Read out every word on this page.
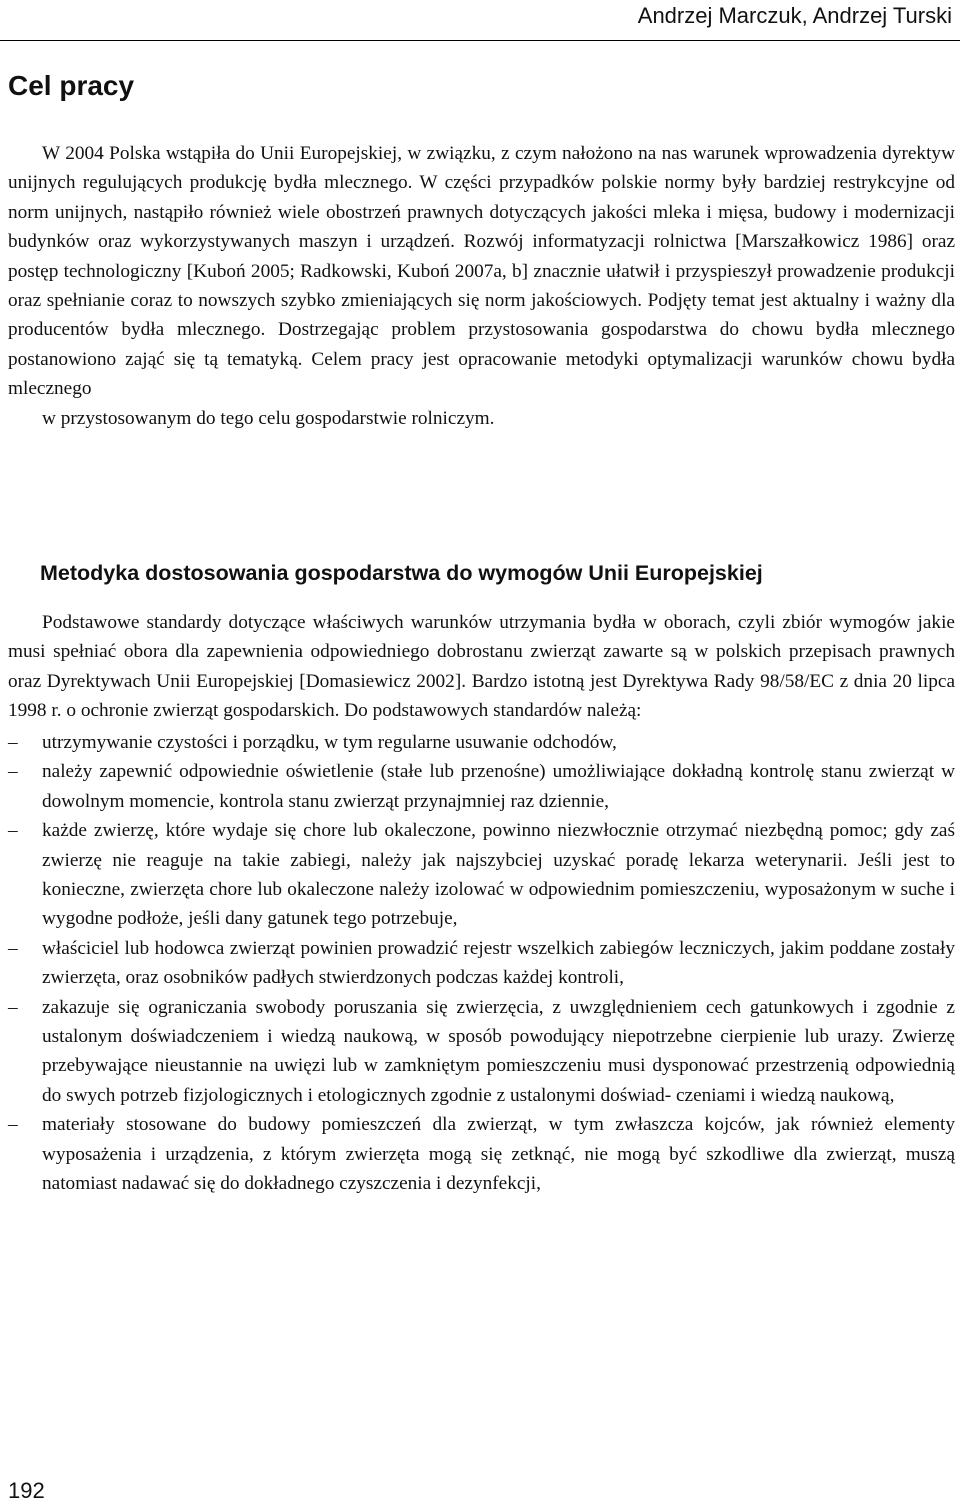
Andrzej Marczuk, Andrzej Turski
Cel pracy

W 2004 Polska wstąpiła do Unii Europejskiej, w związku, z czym nałożono na nas warunek wprowadzenia dyrektyw unijnych regulujących produkcję bydła mlecznego. W części przypadków polskie normy były bardziej restrykcyjne od norm unijnych, nastąpiło również wiele obostrzeń prawnych dotyczących jakości mleka i mięsa, budowy i modernizacji budynków oraz wykorzystywanych maszyn i urządzeń. Rozwój informatyzacji rolnictwa [Marszałkowicz 1986] oraz postęp technologiczny [Kuboń 2005; Radkowski, Kuboń 2007a, b] znacznie ułatwił i przyspieszył prowadzenie produkcji oraz spełnianie coraz to nowszych szybko zmieniających się norm jakościowych. Podjęty temat jest aktualny i ważny dla producentów bydła mlecznego. Dostrzegając problem przystosowania gospodarstwa do chowu bydła mlecznego postanowiono zająć się tą tematyką. Celem pracy jest opracowanie metodyki optymalizacji warunków chowu bydła mlecznego
w przystosowanym do tego celu gospodarstwie rolniczym.

Metodyka dostosowania gospodarstwa do wymogów Unii Europejskiej

Podstawowe standardy dotyczące właściwych warunków utrzymania bydła w oborach, czyli zbiór wymogów jakie musi spełniać obora dla zapewnienia odpowiedniego dobrostanu zwierząt zawarte są w polskich przepisach prawnych oraz Dyrektywach Unii Europejskiej [Domasiewicz 2002]. Bardzo istotną jest Dyrektywa Rady 98/58/EC z dnia 20 lipca 1998 r. o ochronie zwierząt gospodarskich. Do podstawowych standardów należą:

–	utrzymywanie czystości i porządku, w tym regularne usuwanie odchodów,
–	należy zapewnić odpowiednie oświetlenie (stałe lub przenośne) umożliwiające dokładną kontrolę stanu zwierząt w dowolnym momencie, kontrola stanu zwierząt przynajmniej raz dziennie,
–	każde zwierzę, które wydaje się chore lub okaleczone, powinno niezwłocznie otrzymać niezbędną pomoc; gdy zaś zwierzę nie reaguje na takie zabiegi, należy jak najszybciej uzyskać poradę lekarza weterynarii. Jeśli jest to konieczne, zwierzęta chore lub okaleczone należy izolować w odpowiednim pomieszczeniu, wyposażonym w suche i wygodne podłoże, jeśli dany gatunek tego potrzebuje,
–	właściciel lub hodowca zwierząt powinien prowadzić rejestr wszelkich zabiegów leczniczych, jakim poddane zostały zwierzęta, oraz osobników padłych stwierdzonych podczas każdej kontroli,
–	zakazuje się ograniczania swobody poruszania się zwierzęcia, z uwzględnieniem cech gatunkowych i zgodnie z ustalonym doświadczeniem i wiedzą naukową, w sposób powodujący niepotrzebne cierpienie lub urazy. Zwierzę przebywające nieustannie na uwięzi lub w zamkniętym pomieszczeniu musi dysponować przestrzenią odpowiednią do swych potrzeb fizjologicznych i etologicznych zgodnie z ustalonymi doświad- czeniami i wiedzą naukową,
–	materiały stosowane do budowy pomieszczeń dla zwierząt, w tym zwłaszcza kojców, jak również elementy wyposażenia i urządzenia, z którym zwierzęta mogą się zetknąć, nie mogą być szkodliwe dla zwierząt, muszą natomiast nadawać się do dokładnego czyszczenia i dezynfekcji,
192
